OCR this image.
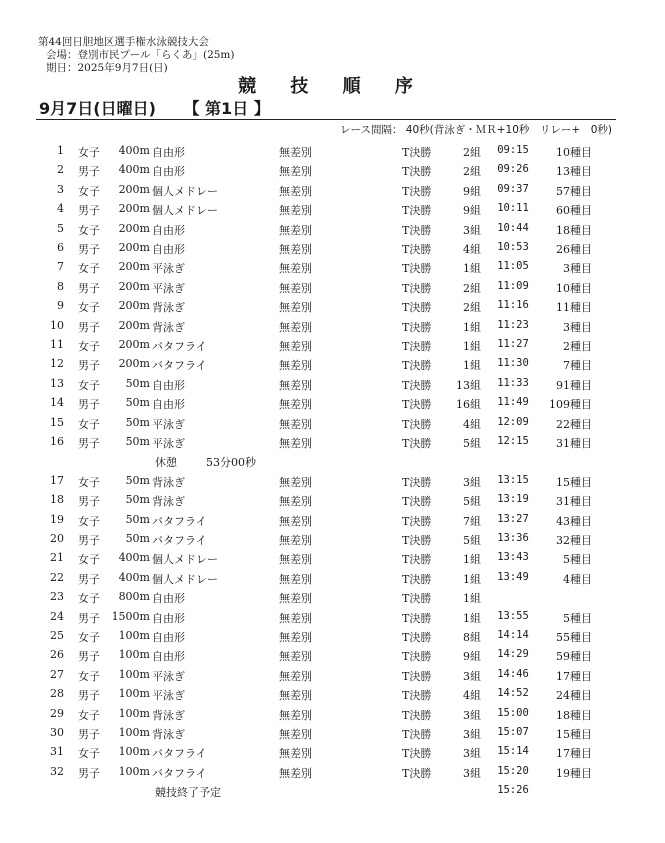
第44回日胆地区選手権水泳競技大会
会場：登別市民プール「らくあ」(25m)
期日：2025年9月7日(日)
競 技 順 序
9月7日(日曜日) 【 第1日 】
レース間隔： 40秒(背泳ぎ・ＭＲ+10秒　リレー+　0秒)
1 女子	400m 自由形	無差別	T決勝	2組	09:15	10種目
2 男子	400m 自由形	無差別	T決勝	2組	09:26	13種目
3 女子	200m 個人メドレー	無差別	T決勝	9組	09:37	57種目
4 男子	200m 個人メドレー	無差別	T決勝	9組	10:11	60種目
5 女子	200m 自由形	無差別	T決勝	3組	10:44	18種目
6 男子	200m 自由形	無差別	T決勝	4組	10:53	26種目
7 女子	200m 平泳ぎ	無差別	T決勝	1組	11:05	3種目
8 男子	200m 平泳ぎ	無差別	T決勝	2組	11:09	10種目
9 女子	200m 背泳ぎ	無差別	T決勝	2組	11:16	11種目
10 男子	200m 背泳ぎ	無差別	T決勝	1組	11:23	3種目
11 女子	200m バタフライ	無差別	T決勝	1組	11:27	2種目
12 男子	200m バタフライ	無差別	T決勝	1組	11:30	7種目
13 女子	50m 自由形	無差別	T決勝	13組	11:33	91種目
14 男子	50m 自由形	無差別	T決勝	16組	11:49	109種目
15 女子	50m 平泳ぎ	無差別	T決勝	4組	12:09	22種目
16 男子	50m 平泳ぎ	無差別	T決勝	5組	12:15	31種目
休憩	53分00秒
17 女子	50m 背泳ぎ	無差別	T決勝	3組	13:15	15種目
18 男子	50m 背泳ぎ	無差別	T決勝	5組	13:19	31種目
19 女子	50m バタフライ	無差別	T決勝	7組	13:27	43種目
20 男子	50m バタフライ	無差別	T決勝	5組	13:36	32種目
21 女子	400m 個人メドレー	無差別	T決勝	1組	13:43	5種目
22 男子	400m 個人メドレー	無差別	T決勝	1組	13:49	4種目
23 女子	800m 自由形	無差別	T決勝	1組
24 男子	1500m 自由形	無差別	T決勝	1組	13:55	5種目
25 女子	100m 自由形	無差別	T決勝	8組	14:14	55種目
26 男子	100m 自由形	無差別	T決勝	9組	14:29	59種目
27 女子	100m 平泳ぎ	無差別	T決勝	3組	14:46	17種目
28 男子	100m 平泳ぎ	無差別	T決勝	4組	14:52	24種目
29 女子	100m 背泳ぎ	無差別	T決勝	3組	15:00	18種目
30 男子	100m 背泳ぎ	無差別	T決勝	3組	15:07	15種目
31 女子	100m バタフライ	無差別	T決勝	3組	15:14	17種目
32 男子	100m バタフライ	無差別	T決勝	3組	15:20	19種目
競技終了予定	15:26
